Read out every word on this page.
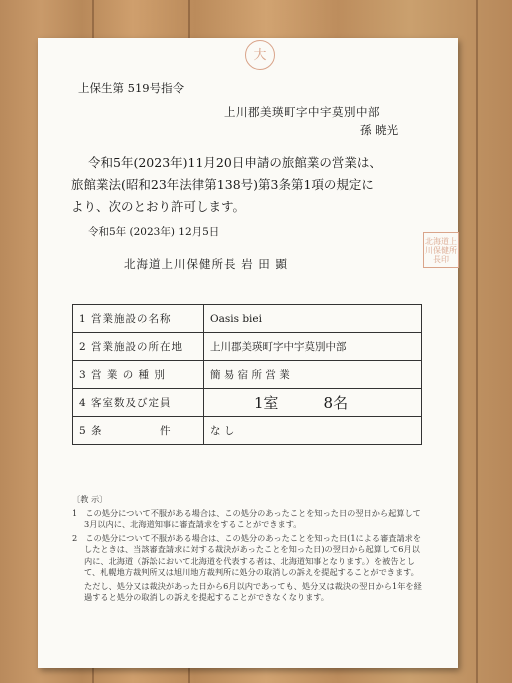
大
上保生第 519号指令
上川郡美瑛町字中宇莫別中部
孫 暁光
令和5年(2023年)11月20日申請の旅館業の営業は、
旅館業法(昭和23年法律第138号)第3条第1項の規定に
より、次のとおり許可します。
令和5年 (2023年) 12月5日
北海道上川保健所長 岩 田 顕
北海道上川保健所長印
1 営業施設の名称	Oasis biei
2 営業施設の所在地	上川郡美瑛町字中宇莫別中部
3 営 業 の 種 別	簡 易 宿 所 営 業
4 客室数及び定員	1室　　　8名
5 条　　　　　件	な し

〔教 示〕

1　この処分について不服がある場合は、この処分のあったことを知った日の翌日から起算して3月以内に、北海道知事に審査請求をすることができます。

2　この処分について不服がある場合は、この処分のあったことを知った日(1による審査請求をしたときは、当該審査請求に対する裁決があったことを知った日)の翌日から起算して6月以内に、北海道（訴訟において北海道を代表する者は、北海道知事となります。）を被告として、札幌地方裁判所又は旭川地方裁判所に処分の取消しの訴えを提起することができます。

ただし、処分又は裁決があった日から6月以内であっても、処分又は裁決の翌日から1年を経過すると処分の取消しの訴えを提起することができなくなります。
